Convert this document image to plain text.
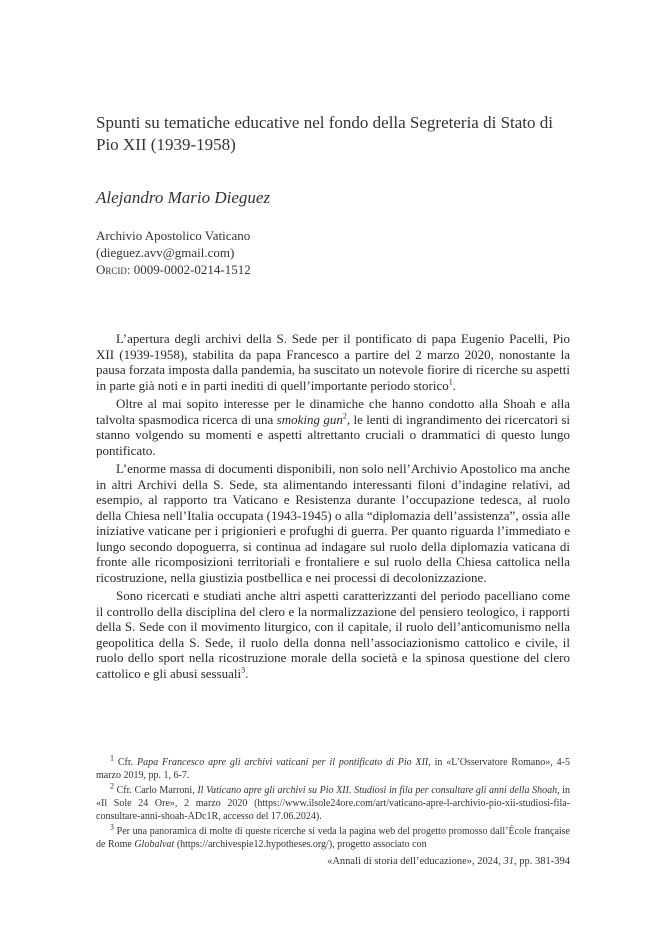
Spunti su tematiche educative nel fondo della Segreteria di Stato di Pio XII (1939-1958)
Alejandro Mario Dieguez
Archivio Apostolico Vaticano
(dieguez.avv@gmail.com)
Orcid: 0009-0002-0214-1512

L’apertura degli archivi della S. Sede per il pontificato di papa Eugenio Pacelli, Pio XII (1939-1958), stabilita da papa Francesco a partire del 2 marzo 2020, nonostante la pausa forzata imposta dalla pandemia, ha suscitato un notevole fiorire di ricerche su aspetti in parte già noti e in parti inediti di quell’importante periodo storico$^1$.

Oltre al mai sopito interesse per le dinamiche che hanno condotto alla Shoah e alla talvolta spasmodica ricerca di una smoking gun$^2$, le lenti di ingrandimento dei ricercatori si stanno volgendo su momenti e aspetti altrettanto cruciali o drammatici di questo lungo pontificato.

L’enorme massa di documenti disponibili, non solo nell’Archivio Apostolico ma anche in altri Archivi della S. Sede, sta alimentando interessanti filoni d’indagine relativi, ad esempio, al rapporto tra Vaticano e Resistenza durante l’occupazione tedesca, al ruolo della Chiesa nell’Italia occupata (1943-1945) o alla “diplomazia dell’assistenza”, ossia alle iniziative vaticane per i prigionieri e profughi di guerra. Per quanto riguarda l’immediato e lungo secondo dopoguerra, si continua ad indagare sul ruolo della diplomazia vaticana di fronte alle ricomposizioni territoriali e frontaliere e sul ruolo della Chiesa cattolica nella ricostruzione, nella giustizia postbellica e nei processi di decolonizzazione.

Sono ricercati e studiati anche altri aspetti caratterizzanti del periodo pacelliano come il controllo della disciplina del clero e la normalizzazione del pensiero teologico, i rapporti della S. Sede con il movimento liturgico, con il capitale, il ruolo dell’anticomunismo nella geopolitica della S. Sede, il ruolo della donna nell’associazionismo cattolico e civile, il ruolo dello sport nella ricostruzione morale della società e la spinosa questione del clero cattolico e gli abusi sessuali$^3$.

$^1$ Cfr. Papa Francesco apre gli archivi vaticani per il pontificato di Pio XII, in «L’Osservatore Romano», 4-5 marzo 2019, pp. 1, 6-7.

$^2$ Cfr. Carlo Marroni, Il Vaticano apre gli archivi su Pio XII. Studiosi in fila per consultare gli anni della Shoah, in «Il Sole 24 Ore», 2 marzo 2020 (https://www.ilsole24ore.com/art/vaticano-apre-l-archivio-pio-xii-studiosi-fila-consultare-anni-shoah-ADc1R, accesso del 17.06.2024).

$^3$ Per una panoramica di molte di queste ricerche si veda la pagina web del progetto promosso dall’École française de Rome Globalvat (https://archivespie12.hypotheses.org/), progetto associato con

«Annali di storia dell’educazione», 2024, 31, pp. 381-394
